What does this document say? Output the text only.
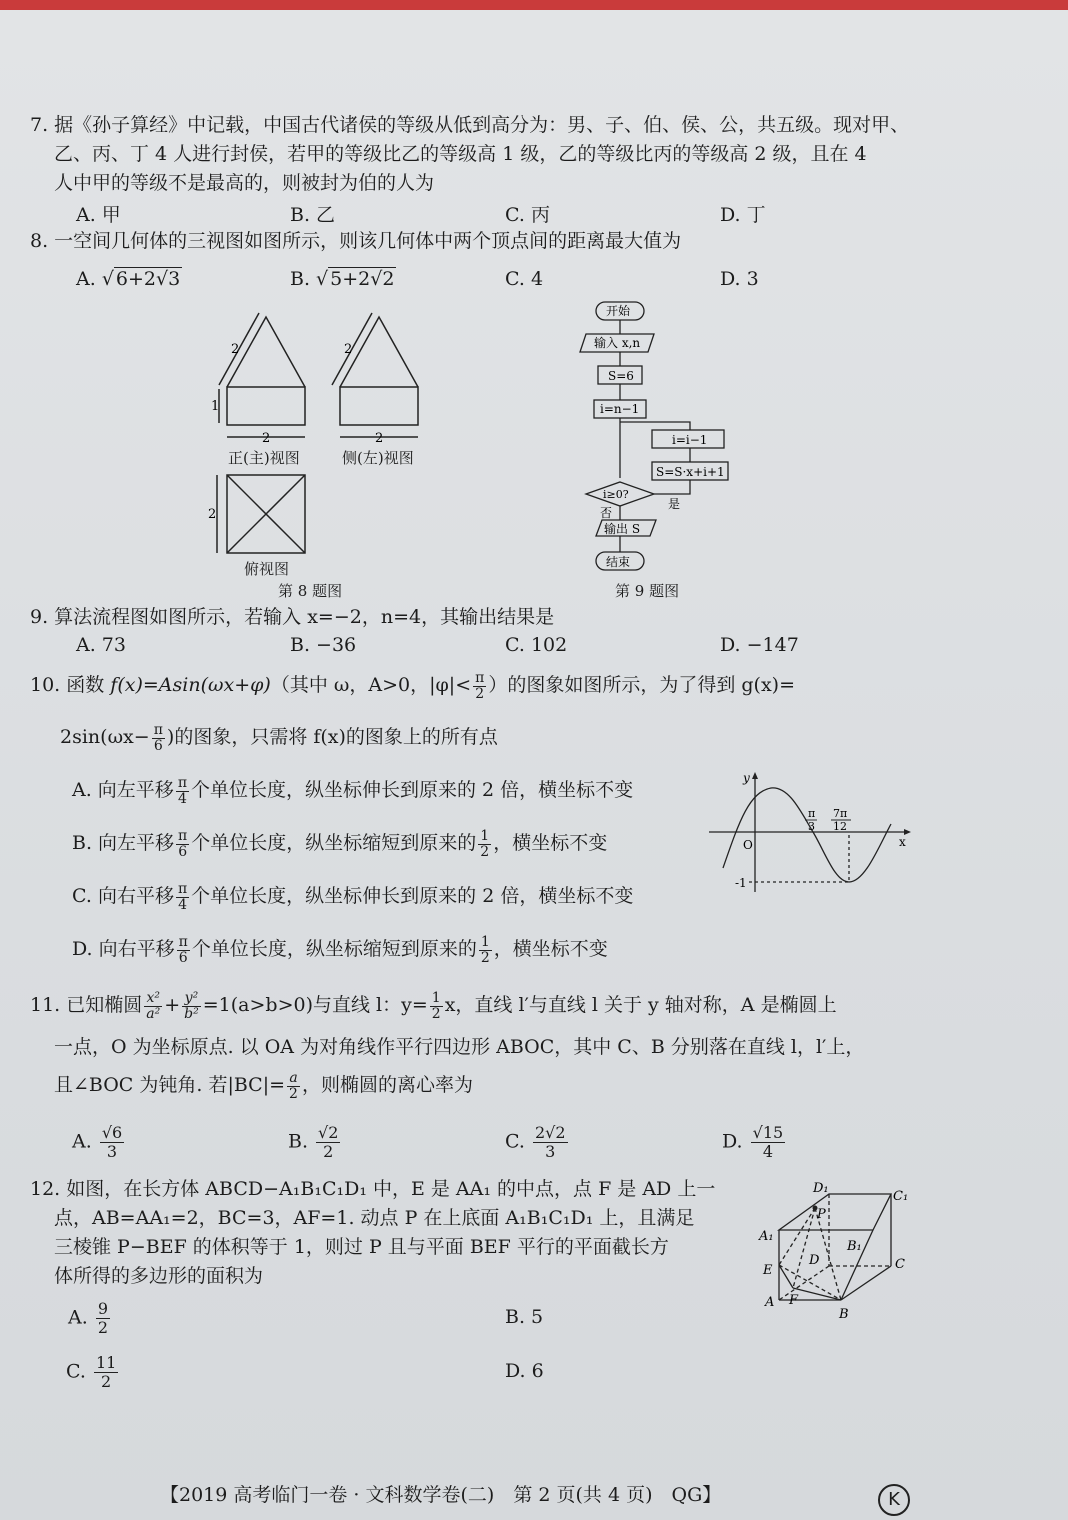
7. 据《孙子算经》中记载，中国古代诸侯的等级从低到高分为：男、子、伯、侯、公，共五级。现对甲、
乙、丙、丁 4 人进行封侯，若甲的等级比乙的等级高 1 级，乙的等级比丙的等级高 2 级，且在 4
人中甲的等级不是最高的，则被封为伯的人为
A. 甲	B. 乙	C. 丙	D. 丁
8. 一空间几何体的三视图如图所示，则该几何体中两个顶点间的距离最大值为
A. √ 6+2√3	B. √ 5+2√2	C. 4	D. 3
2
1
2
2
2
2
正(主)视图	侧(左)视图
俯视图
第 8 题图
开始
输入 x,n
S=6
i=n−1
i=i−1
S=S·x+i+1
i≥0?
是
否
输出 S
结束
第 9 题图
9. 算法流程图如图所示，若输入 x=−2，n=4，其输出结果是
A. 73	B. −36	C. 102	D. −147
10. 函数 f(x)=Asin(ωx+φ)（其中 ω，A>0，$|\varphi|< \frac{\pi}{2}$ ）的图象如图所示，为了得到 g(x)=
$2\sin(\omega x- \frac{\pi}{6}$ )的图象，只需将 f(x)的图象上的所有点
A. 向左平移 $\frac{\pi}{4}$ 个单位长度，纵坐标伸长到原来的 2 倍，横坐标不变
B. 向左平移 $\frac{\pi}{6}$ 个单位长度，纵坐标缩短到原来的 $\frac{1}{2}$ ，横坐标不变
C. 向右平移 $\frac{\pi}{4}$ 个单位长度，纵坐标伸长到原来的 2 倍，横坐标不变
D. 向右平移 $\frac{\pi}{6}$ 个单位长度，纵坐标缩短到原来的 $\frac{1}{2}$ ，横坐标不变
y
x
O
-1
π
3
7π
12
11. 已知椭圆 $\frac{\text{x²}}{\text{a²}} + \frac{\text{y²}}{\text{b²}} =1(a>b>0)$与直线 l：$y= \frac{1}{2}$ x，直线 l′与直线 l 关于 y 轴对称，A 是椭圆上
一点，O 为坐标原点. 以 OA 为对角线作平行四边形 ABOC，其中 C、B 分别落在直线 l，l′上，
且∠BOC 为钝角. 若$|BC|= \frac{a}{2}$ ，则椭圆的离心率为
A. $\frac{√6}{3}$	B. $\frac{√2}{2}$	C. $\frac{2√2}{3}$	D. $\frac{√15}{4}$
12. 如图，在长方体 ABCD−A₁B₁C₁D₁ 中，E 是 AA₁ 的中点，点 F 是 AD 上一
点，AB=AA₁=2，BC=3，AF=1. 动点 P 在上底面 A₁B₁C₁D₁ 上，且满足
三棱锥 P−BEF 的体积等于 1，则过 P 且与平面 BEF 平行的平面截长方
体所得的多边形的面积为
A. $\frac{9}{2}$	B. 5
C. $\frac{11}{2}$	D. 6
D₁
C₁
A₁
B₁
P
D	C
E
A F
B
【2019 高考临门一卷 · 文科数学卷(二)　第 2 页(共 4 页)　QG】	K
